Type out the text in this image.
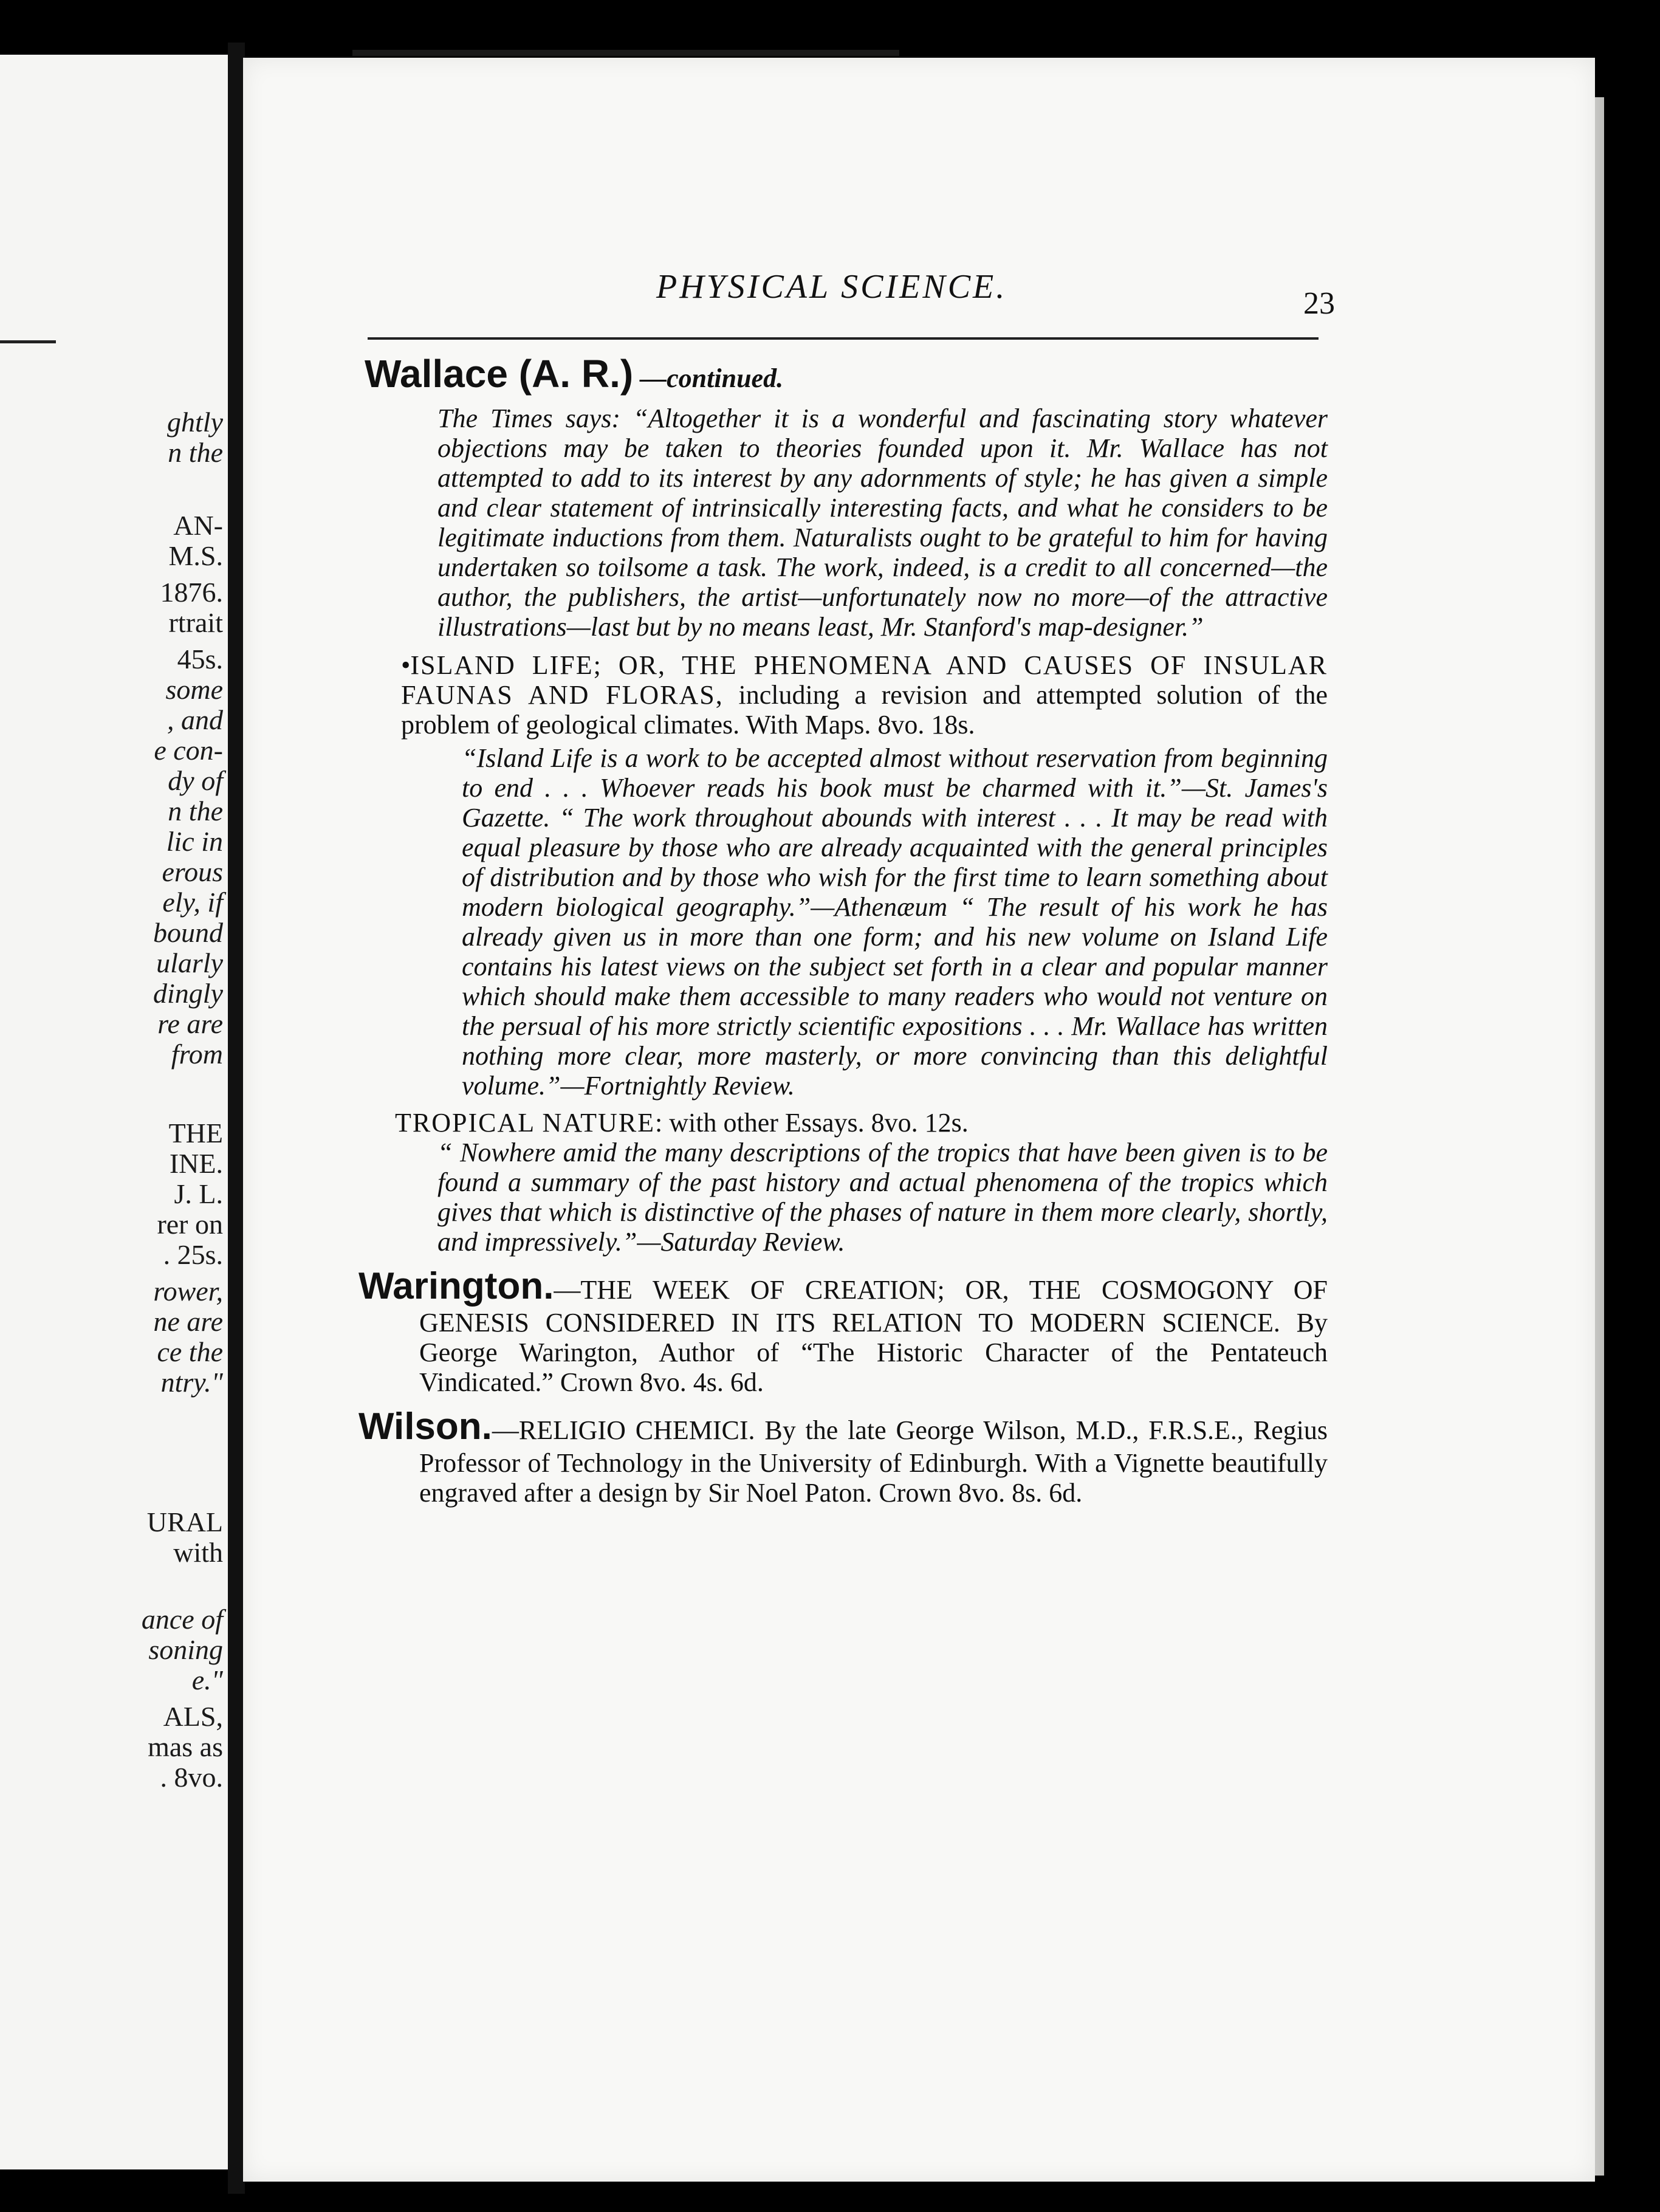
ghtly
n the
AN-
M.S.
1876.
rtrait
45s.
some
, and
e con-
dy of
n the
lic in
erous
ely, if
bound
ularly
dingly
re are
from
THE
INE.
J. L.
rer on
. 25s.
rower,
ne are
ce the
ntry."
URAL
with
ance of
soning
e."
ALS,
mas as
. 8vo.
PHYSICAL SCIENCE.	23
Wallace (A. R.) —continued.
The Times says: “Altogether it is a wonderful and fascinating story whatever objections may be taken to theories founded upon it. Mr. Wallace has not attempted to add to its interest by any adornments of style; he has given a simple and clear statement of intrinsically interesting facts, and what he considers to be legitimate inductions from them. Naturalists ought to be grateful to him for having undertaken so toilsome a task. The work, indeed, is a credit to all concerned—the author, the publishers, the artist—unfortunately now no more—of the attractive illustrations—last but by no means least, Mr. Stanford's map-designer.”
•ISLAND LIFE; OR, THE PHENOMENA AND CAUSES OF INSULAR FAUNAS AND FLORAS, including a revision and attempted solution of the problem of geological climates. With Maps. 8vo. 18s.
“Island Life is a work to be accepted almost without reservation from beginning to end . . . Whoever reads his book must be charmed with it.”—St. James's Gazette. “ The work throughout abounds with interest . . . It may be read with equal pleasure by those who are already acquainted with the general principles of distribution and by those who wish for the first time to learn something about modern biological geography.”—Athenæum “ The result of his work he has already given us in more than one form; and his new volume on Island Life contains his latest views on the subject set forth in a clear and popular manner which should make them accessible to many readers who would not venture on the persual of his more strictly scientific expositions . . . Mr. Wallace has written nothing more clear, more masterly, or more convincing than this delightful volume.”—Fortnightly Review.
TROPICAL NATURE: with other Essays. 8vo. 12s.
“ Nowhere amid the many descriptions of the tropics that have been given is to be found a summary of the past history and actual phenomena of the tropics which gives that which is distinctive of the phases of nature in them more clearly, shortly, and impressively.”—Saturday Review.
Warington.—THE WEEK OF CREATION; OR, THE COSMOGONY OF GENESIS CONSIDERED IN ITS RELATION TO MODERN SCIENCE. By George Warington, Author of “The Historic Character of the Pentateuch Vindicated.” Crown 8vo. 4s. 6d.
Wilson.—RELIGIO CHEMICI. By the late George Wilson, M.D., F.R.S.E., Regius Professor of Technology in the University of Edinburgh. With a Vignette beautifully engraved after a design by Sir Noel Paton. Crown 8vo. 8s. 6d.
